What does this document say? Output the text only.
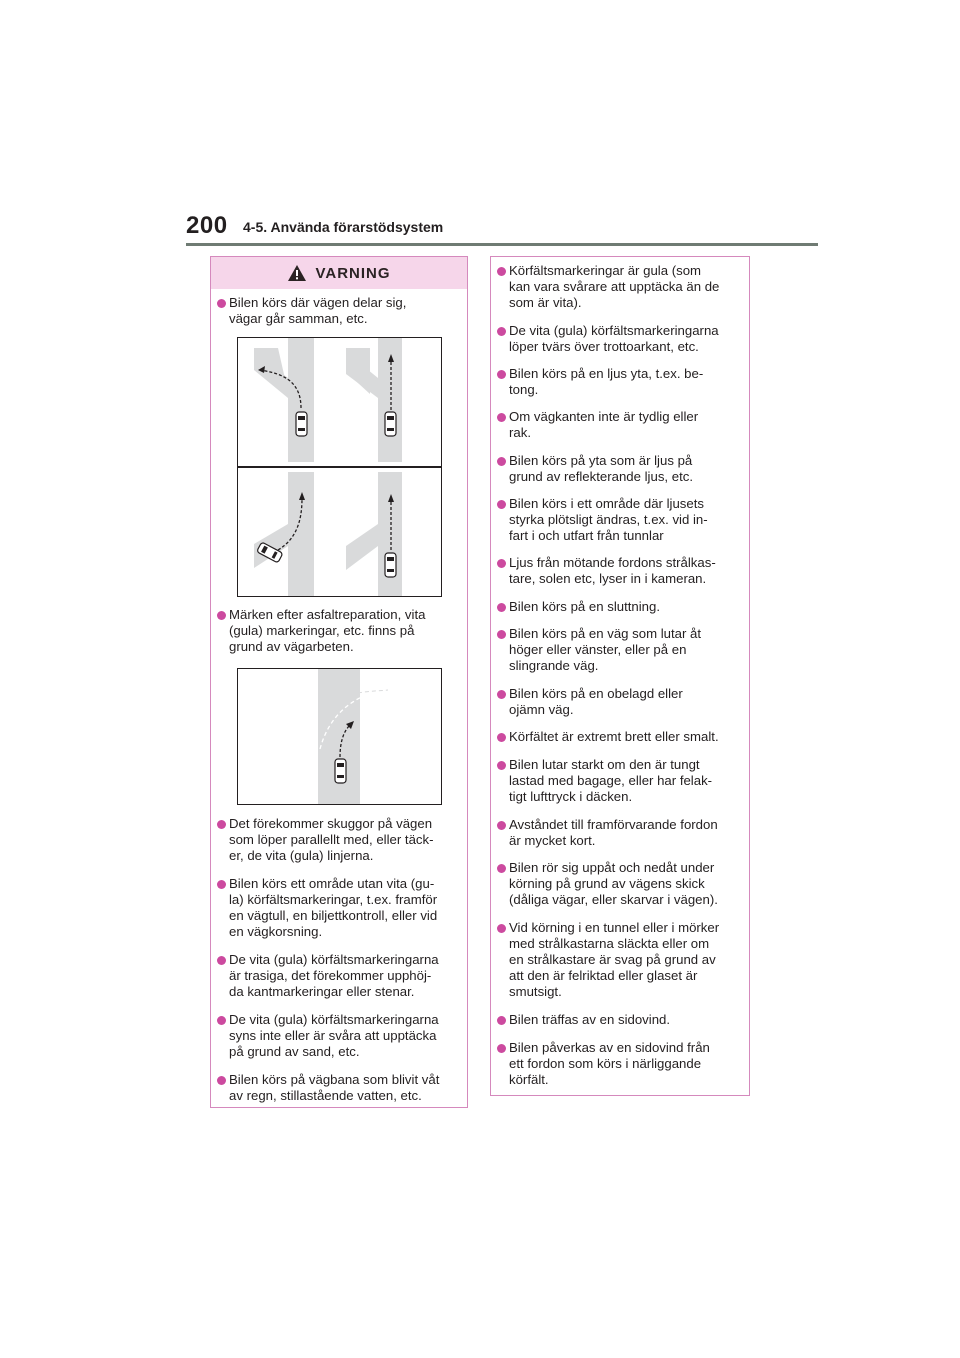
200 4-5. Använda förarstödsystem
VARNING
Bilen körs där vägen delar sig,
vägar går samman, etc.
Märken efter asfaltreparation, vita
(gula) markeringar, etc. finns på
grund av vägarbeten.
Det förekommer skuggor på vägen
som löper parallellt med, eller täck-
er, de vita (gula) linjerna.
Bilen körs ett område utan vita (gu-
la) körfältsmarkeringar, t.ex. framför
en vägtull, en biljettkontroll, eller vid
en vägkorsning.
De vita (gula) körfältsmarkeringarna
är trasiga, det förekommer upphöj-
da kantmarkeringar eller stenar.
De vita (gula) körfältsmarkeringarna
syns inte eller är svåra att upptäcka
på grund av sand, etc.
Bilen körs på vägbana som blivit våt
av regn, stillastående vatten, etc.
Körfältsmarkeringar är gula (som
kan vara svårare att upptäcka än de
som är vita).
De vita (gula) körfältsmarkeringarna
löper tvärs över trottoarkant, etc.
Bilen körs på en ljus yta, t.ex. be-
tong.
Om vägkanten inte är tydlig eller
rak.
Bilen körs på yta som är ljus på
grund av reflekterande ljus, etc.
Bilen körs i ett område där ljusets
styrka plötsligt ändras, t.ex. vid in-
fart i och utfart från tunnlar
Ljus från mötande fordons strålkas-
tare, solen etc, lyser in i kameran.
Bilen körs på en sluttning.
Bilen körs på en väg som lutar åt
höger eller vänster, eller på en
slingrande väg.
Bilen körs på en obelagd eller
ojämn väg.
Körfältet är extremt brett eller smalt.
Bilen lutar starkt om den är tungt
lastad med bagage, eller har felak-
tigt lufttryck i däcken.
Avståndet till framförvarande fordon
är mycket kort.
Bilen rör sig uppåt och nedåt under
körning på grund av vägens skick
(dåliga vägar, eller skarvar i vägen).
Vid körning i en tunnel eller i mörker
med strålkastarna släckta eller om
en strålkastare är svag på grund av
att den är felriktad eller glaset är
smutsigt.
Bilen träffas av en sidovind.
Bilen påverkas av en sidovind från
ett fordon som körs i närliggande
körfält.
